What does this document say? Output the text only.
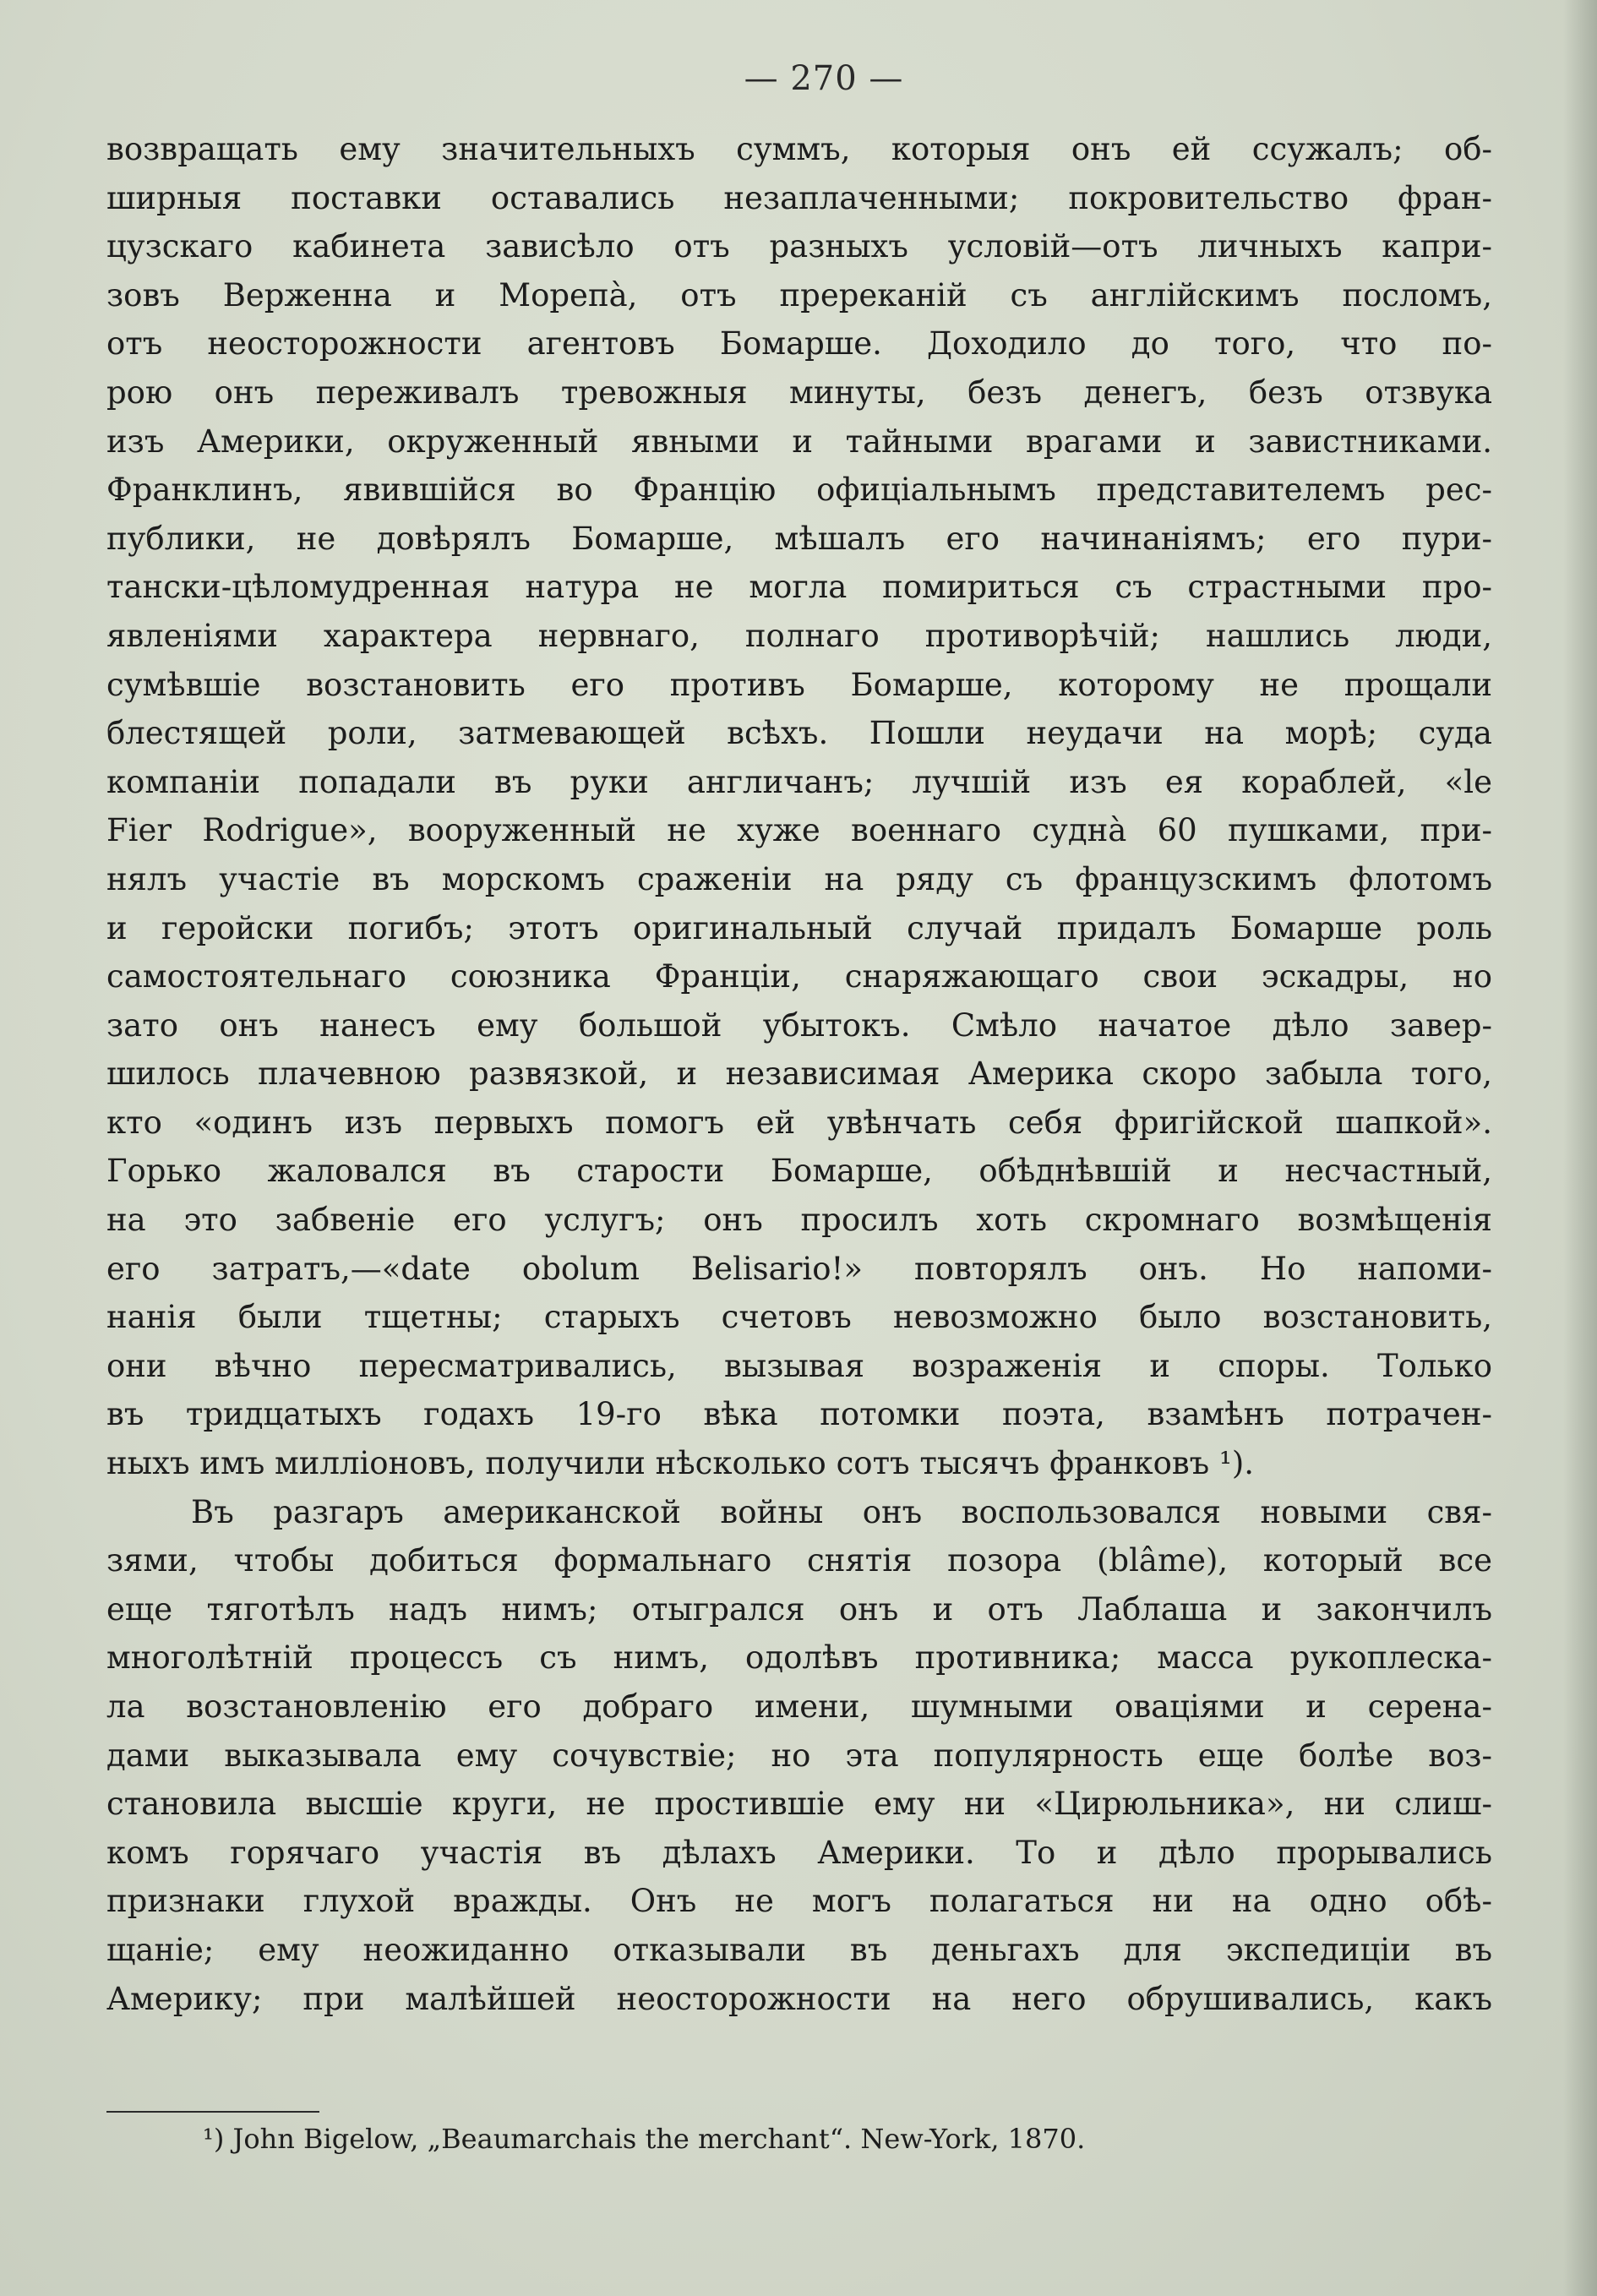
— 270 —
возвращать ему значительныхъ суммъ, которыя онъ ей ссужалъ; об-
ширныя поставки оставались незаплаченными; покровительство фран-
цузскаго кабинета зависѣло отъ разныхъ условій—отъ личныхъ капри-
зовъ Верженна и Морепа̀, отъ пререканій съ англійскимъ посломъ,
отъ неосторожности агентовъ Бомарше. Доходило до того, что по-
рою онъ переживалъ тревожныя минуты, безъ денегъ, безъ отзвука
изъ Америки, окруженный явными и тайными врагами и завистниками.
Франклинъ, явившійся во Францію офиціальнымъ представителемъ рес-
публики, не довѣрялъ Бомарше, мѣшалъ его начинаніямъ; его пури-
тански-цѣломудренная натура не могла помириться съ страстными про-
явленіями характера нервнаго, полнаго противорѣчій; нашлись люди,
сумѣвшіе возстановить его противъ Бомарше, которому не прощали
блестящей роли, затмевающей всѣхъ. Пошли неудачи на морѣ; суда
компаніи попадали въ руки англичанъ; лучшій изъ ея кораблей, «le
Fier Rodrigue», вооруженный не хуже военнаго судна̀ 60 пушками, при-
нялъ участіе въ морскомъ сраженіи на ряду съ французскимъ флотомъ
и геройски погибъ; этотъ оригинальный случай придалъ Бомарше роль
самостоятельнаго союзника Франціи, снаряжающаго свои эскадры, но
зато онъ нанесъ ему большой убытокъ. Смѣло начатое дѣло завер-
шилось плачевною развязкой, и независимая Америка скоро забыла того,
кто «одинъ изъ первыхъ помогъ ей увѣнчать себя фригійской шапкой».
Горько жаловался въ старости Бомарше, обѣднѣвшій и несчастный,
на это забвеніе его услугъ; онъ просилъ хоть скромнаго возмѣщенія
его затратъ,—«date obolum Belisario!» повторялъ онъ. Но напоми-
нанія были тщетны; старыхъ счетовъ невозможно было возстановить,
они вѣчно пересматривались, вызывая возраженія и споры. Только
въ тридцатыхъ годахъ 19-го вѣка потомки поэта, взамѣнъ потрачен-
ныхъ имъ милліоновъ, получили нѣсколько сотъ тысячъ франковъ ¹).
Въ разгаръ американской войны онъ воспользовался новыми свя-
зями, чтобы добиться формальнаго снятія позора (blâme), который все
еще тяготѣлъ надъ нимъ; отыгрался онъ и отъ Лаблаша и закончилъ
многолѣтній процессъ съ нимъ, одолѣвъ противника; масса рукоплеска-
ла возстановленію его добраго имени, шумными оваціями и серена-
дами выказывала ему сочувствіе; но эта популярность еще болѣе воз-
становила высшіе круги, не простившіе ему ни «Цирюльника», ни слиш-
комъ горячаго участія въ дѣлахъ Америки. То и дѣло прорывались
признаки глухой вражды. Онъ не могъ полагаться ни на одно обѣ-
щаніе; ему неожиданно отказывали въ деньгахъ для экспедиціи въ
Америку; при малѣйшей неосторожности на него обрушивались, какъ
¹) John Bigelow, „Beaumarchais the merchant“. New-York, 1870.
